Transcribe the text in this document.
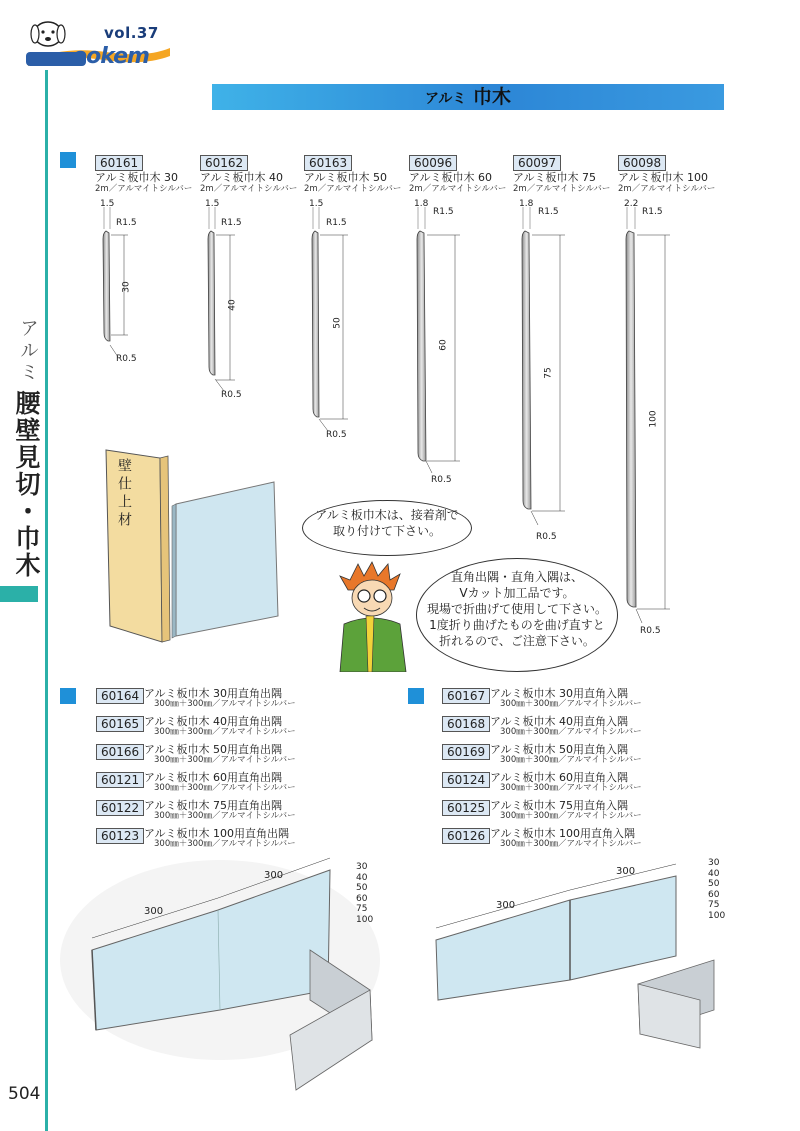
vol.37
ookem
アルミ
腰壁見切・巾木
504
アルミ 巾木
60161
アルミ板巾木 30
2m／アルマイトシルバー
60162
アルミ板巾木 40
2m／アルマイトシルバー
60163
アルミ板巾木 50
2m／アルマイトシルバー
60096
アルミ板巾木 60
2m／アルマイトシルバー
60097
アルミ板巾木 75
2m／アルマイトシルバー
60098
アルミ板巾木 100
2m／アルマイトシルバー
1.5
R1.5
30
R0.5
1.5
R1.5
40
R0.5
1.5
R1.5
50
R0.5
1.8
R1.5
60
R0.5
1.8
R1.5
75
R0.5
2.2
R1.5
100
R0.5
壁仕上材	アルミ板巾木は、接着剤で
取り付けて下さい。
直角出隅・直角入隅は、
Vカット加工品です。
現場で折曲げて使用して下さい。
1度折り曲げたものを曲げ直すと
折れるので、ご注意下さい。
60164 アルミ板巾木 30用直角出隅
300㎜＋300㎜／アルマイトシルバー
60165 アルミ板巾木 40用直角出隅
300㎜＋300㎜／アルマイトシルバー
60166 アルミ板巾木 50用直角出隅
300㎜＋300㎜／アルマイトシルバー
60121 アルミ板巾木 60用直角出隅
300㎜＋300㎜／アルマイトシルバー
60122 アルミ板巾木 75用直角出隅
300㎜＋300㎜／アルマイトシルバー
60123 アルミ板巾木 100用直角出隅
300㎜＋300㎜／アルマイトシルバー
60167 アルミ板巾木 30用直角入隅
300㎜＋300㎜／アルマイトシルバー
60168 アルミ板巾木 40用直角入隅
300㎜＋300㎜／アルマイトシルバー
60169 アルミ板巾木 50用直角入隅
300㎜＋300㎜／アルマイトシルバー
60124 アルミ板巾木 60用直角入隅
300㎜＋300㎜／アルマイトシルバー
60125 アルミ板巾木 75用直角入隅
300㎜＋300㎜／アルマイトシルバー
60126 アルミ板巾木 100用直角入隅
300㎜＋300㎜／アルマイトシルバー
300
300
30
40
50
60
75
100
300
300
30
40
50
60
75
100
